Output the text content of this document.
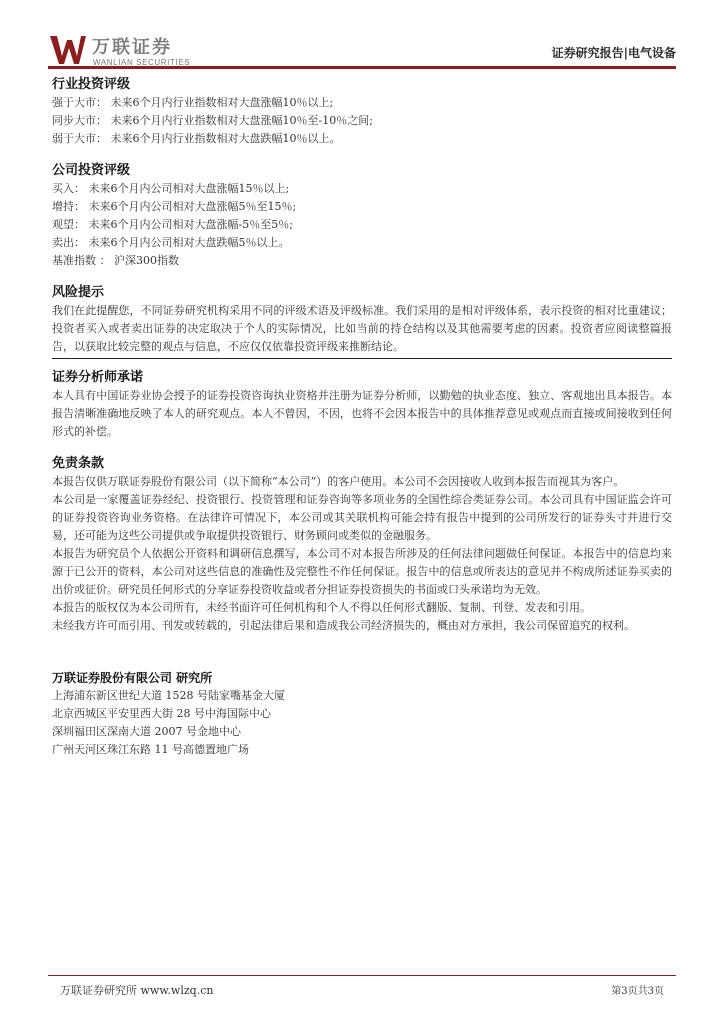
万联证券
WANLIAN SECURITIES
证券研究报告|电气设备

行业投资评级

强于大市： 未来6个月内行业指数相对大盘涨幅10％以上;

同步大市： 未来6个月内行业指数相对大盘涨幅10％至-10％之间;

弱于大市： 未来6个月内行业指数相对大盘跌幅10％以上。

公司投资评级

买入： 未来6个月内公司相对大盘涨幅15％以上;

增持： 未来6个月内公司相对大盘涨幅5％至15％;

观望： 未来6个月内公司相对大盘涨幅-5％至5％;

卖出： 未来6个月内公司相对大盘跌幅5％以上。

基准指数 ： 沪深300指数

风险提示

我们在此提醒您，不同证券研究机构采用不同的评级术语及评级标准。我们采用的是相对评级体系，表示投资的相对比重建议；投资者买入或者卖出证券的决定取决于个人的实际情况，比如当前的持仓结构以及其他需要考虑的因素。投资者应阅读整篇报告，以获取比较完整的观点与信息，不应仅仅依靠投资评级来推断结论。

证券分析师承诺

本人具有中国证券业协会授予的证券投资咨询执业资格并注册为证券分析师，以勤勉的执业态度、独立、客观地出具本报告。本报告清晰准确地反映了本人的研究观点。本人不曾因，不因，也将不会因本报告中的具体推荐意见或观点而直接或间接收到任何形式的补偿。

免责条款

本报告仅供万联证券股份有限公司（以下简称“本公司”）的客户使用。本公司不会因接收人收到本报告而视其为客户。

本公司是一家覆盖证券经纪、投资银行、投资管理和证券咨询等多项业务的全国性综合类证券公司。本公司具有中国证监会许可的证券投资咨询业务资格。在法律许可情况下，本公司或其关联机构可能会持有报告中提到的公司所发行的证券头寸并进行交易，还可能为这些公司提供或争取提供投资银行、财务顾问或类似的金融服务。

本报告为研究员个人依据公开资料和调研信息撰写，本公司不对本报告所涉及的任何法律问题做任何保证。本报告中的信息均来源于已公开的资料，本公司对这些信息的准确性及完整性不作任何保证。报告中的信息或所表达的意见并不构成所述证券买卖的出价或征价。研究员任何形式的分享证券投资收益或者分担证券投资损失的书面或口头承诺均为无效。

本报告的版权仅为本公司所有，未经书面许可任何机构和个人不得以任何形式翻版、复制、刊登、发表和引用。

未经我方许可而引用、刊发或转载的，引起法律后果和造成我公司经济损失的，概由对方承担，我公司保留追究的权利。

万联证券股份有限公司 研究所

上海浦东新区世纪大道 1528 号陆家嘴基金大厦

北京西城区平安里西大街 28 号中海国际中心

深圳福田区深南大道 2007 号金地中心

广州天河区珠江东路 11 号高德置地广场

万联证券研究所 www.wlzq.cn	第3页共3页
